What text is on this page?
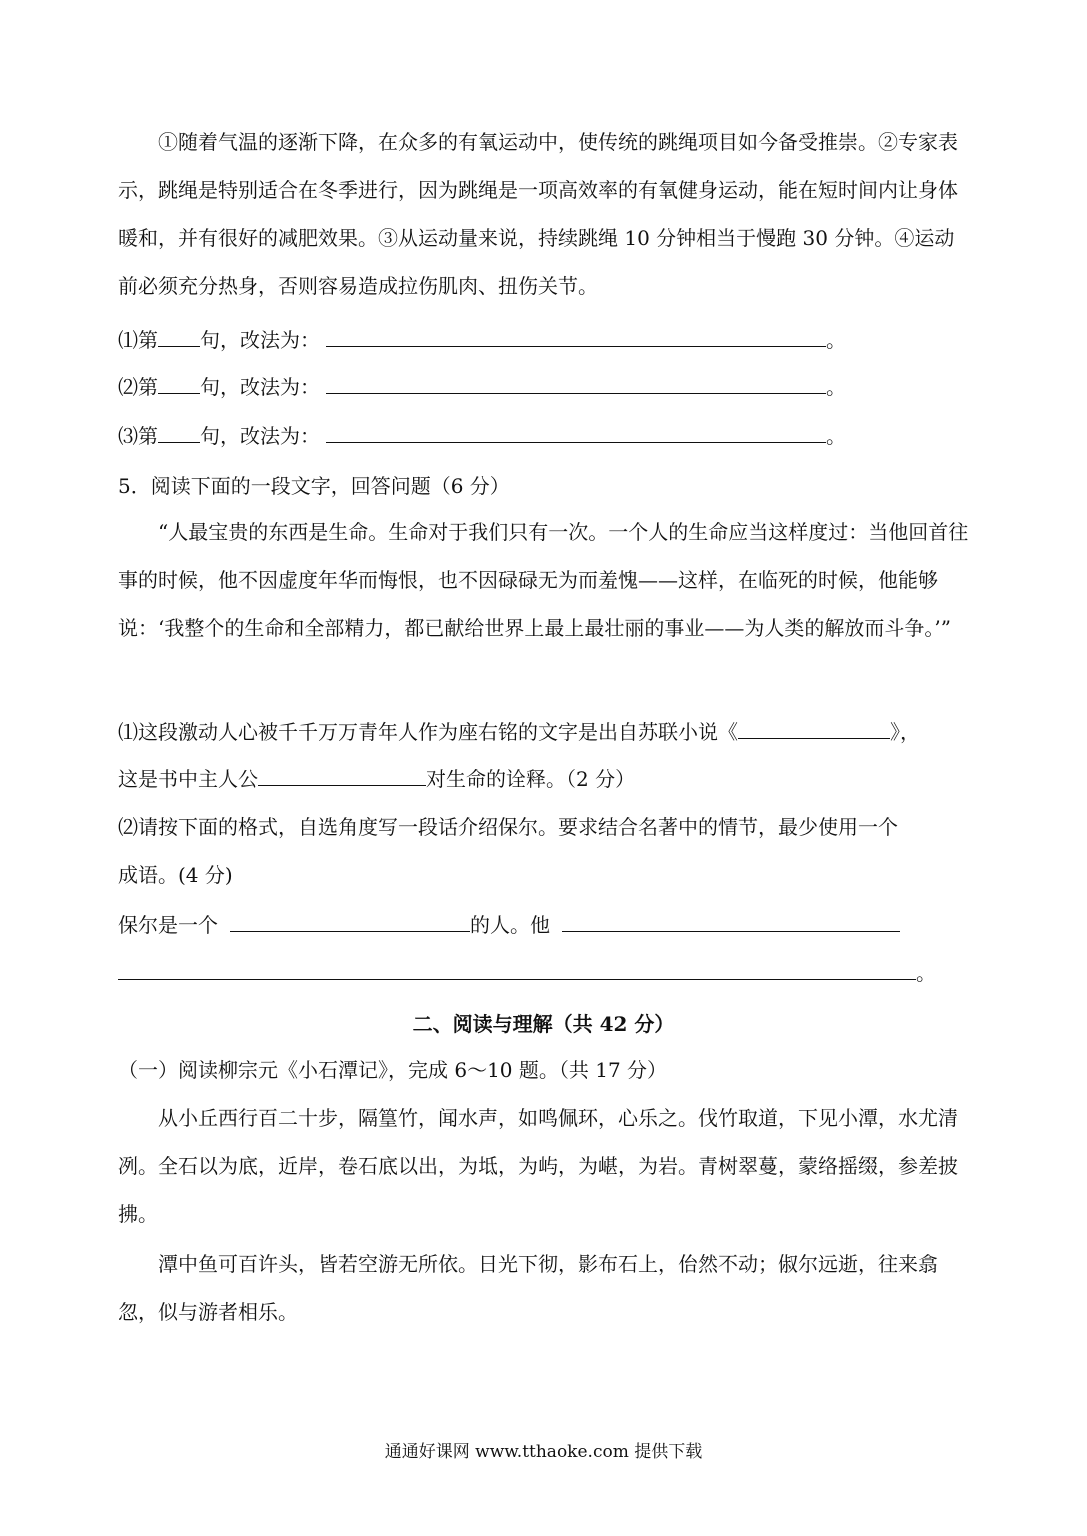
①随着气温的逐渐下降，在众多的有氧运动中，使传统的跳绳项目如今备受推崇。②专家表示，跳绳是特别适合在冬季进行，因为跳绳是一项高效率的有氧健身运动，能在短时间内让身体暖和，并有很好的减肥效果。③从运动量来说，持续跳绳 10 分钟相当于慢跑 30 分钟。④运动前必须充分热身，否则容易造成拉伤肌肉、扭伤关节。

⑴第 句，改法为：	。
⑵第 句，改法为：	。
⑶第 句，改法为：	。
5．阅读下面的一段文字，回答问题（6 分）

“人最宝贵的东西是生命。生命对于我们只有一次。一个人的生命应当这样度过：当他回首往事的时候，他不因虚度年华而悔恨，也不因碌碌无为而羞愧——这样，在临死的时候，他能够说：‘我整个的生命和全部精力，都已献给世界上最上最壮丽的事业——为人类的解放而斗争。’”

⑴这段激动人心被千千万万青年人作为座右铭的文字是出自苏联小说《	》，
这是书中主人公	对生命的诠释。（2 分）
⑵请按下面的格式，自选角度写一段话介绍保尔。要求结合名著中的情节，最少使用一个
成语。(4 分)
保尔是一个	的人。他
。
二、阅读与理解（共 42 分）
（一）阅读柳宗元《小石潭记》，完成 6～10 题。（共 17 分）

从小丘西行百二十步，隔篁竹，闻水声，如鸣佩环，心乐之。伐竹取道，下见小潭，水尤清冽。全石以为底，近岸，卷石底以出，为坻，为屿，为嵁，为岩。青树翠蔓，蒙络摇缀，参差披拂。

潭中鱼可百许头，皆若空游无所依。日光下彻，影布石上，佁然不动；俶尔远逝，往来翕忽，似与游者相乐。

通通好课网 www.tthaoke.com 提供下载
